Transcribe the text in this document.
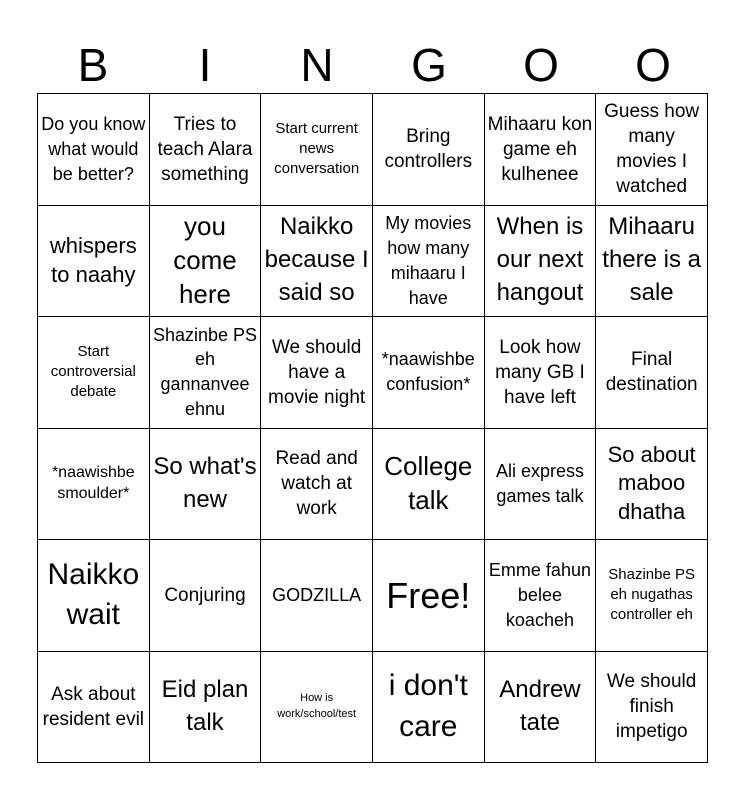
B	I	N	G	O	O
Do you know what would be better?	Tries to teach Alara something	Start current news conversation	Bring controllers	Mihaaru kon game eh kulhenee	Guess how many movies I watched
whispers to naahy	you come here	Naikko because I said so	My movies how many mihaaru I have	When is our next hangout	Mihaaru there is a sale
Start controversial debate	Shazinbe PS eh gannanvee ehnu	We should have a movie night	*naawishbe confusion*	Look how many GB I have left	Final destination
*naawishbe smoulder*	So what's new	Read and watch at work	College talk	Ali express games talk	So about maboo dhatha
Naikko wait	Conjuring	GODZILLA	Free!	Emme fahun belee koacheh	Shazinbe PS eh nugathas controller eh
Ask about resident evil	Eid plan talk	How is work/school/test	i don't care	Andrew tate	We should finish impetigo
